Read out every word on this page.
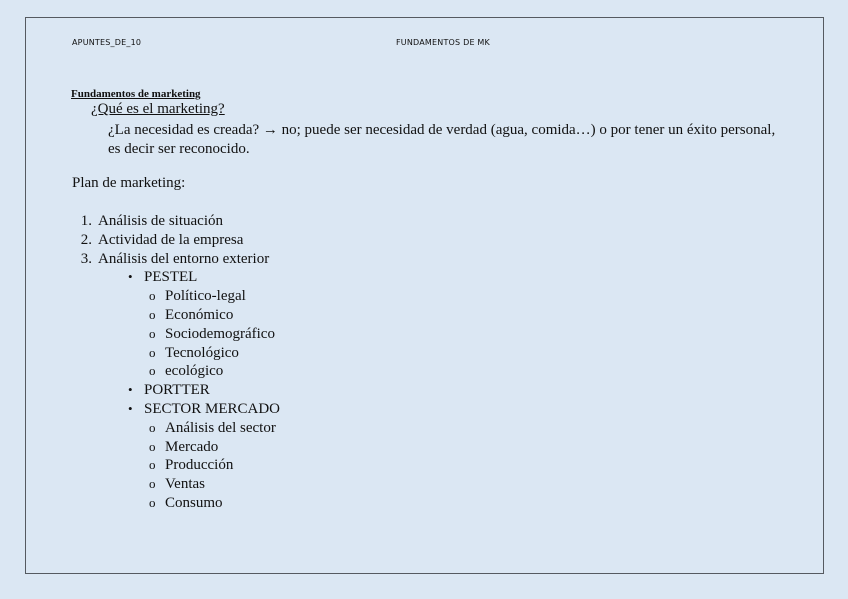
APUNTES_DE_10	FUNDAMENTOS DE MK
Fundamentos de marketing
¿Qué es el marketing?
¿La necesidad es creada? → no; puede ser necesidad de verdad (agua, comida…) o por tener un éxito personal, es decir ser reconocido.
Plan de marketing:
1. Análisis de situación
2. Actividad de la empresa
3. Análisis del entorno exterior
• PESTEL
o Político-legal
o Económico
o Sociodemográfico
o Tecnológico
o ecológico
• PORTTER
• SECTOR MERCADO
o Análisis del sector
o Mercado
o Producción
o Ventas
o Consumo
